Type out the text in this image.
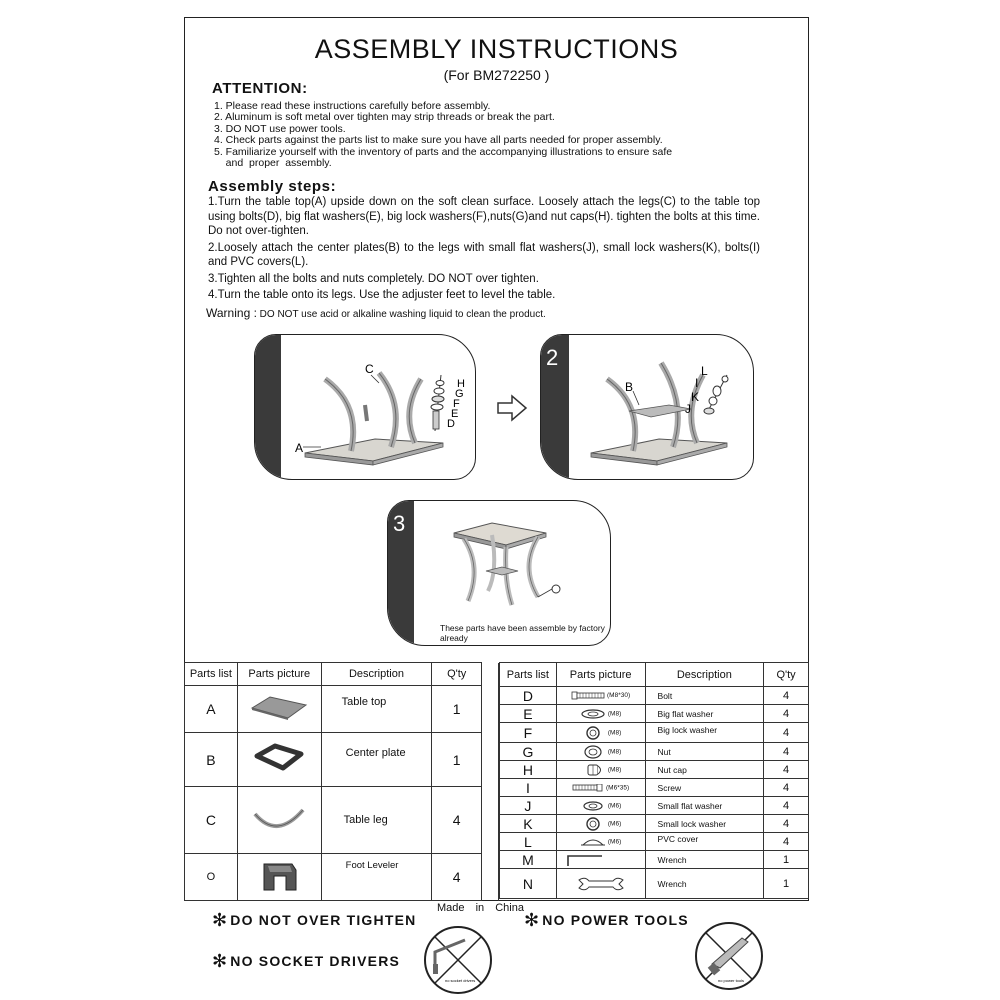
ASSEMBLY INSTRUCTIONS
(For BM272250 )
ATTENTION:
1. Please read these instructions carefully before assembly.
2. Aluminum is soft metal over tighten may strip threads or break the part.
3. DO NOT use power tools.
4. Check parts against the parts list to make sure you have all parts needed for proper assembly.
5. Familiarize yourself with the inventory of parts and the accompanying illustrations to ensure safe
and  proper  assembly.
Assembly steps:

1.Turn the table top(A) upside down on the soft clean surface. Loosely attach the legs(C) to the table top using bolts(D), big flat washers(E), big lock washers(F),nuts(G)and nut caps(H). tighten the bolts at this time. Do not over-tighten.

2.Loosely attach the center plates(B) to the legs with small flat washers(J), small lock washers(K), bolts(I) and PVC covers(L).

3.Tighten all the bolts and nuts completely. DO NOT over tighten.

4.Turn the table onto its legs. Use the adjuster feet to level the table.

Warning : DO NOT use acid or alkaline washing liquid to clean the product.
C
A
H
G
F
E
D
2
B
L
I
K
J
3
These parts have been assemble by factory already
Parts list	Parts picture	Description	Q'ty	
A		Table top	1	
B		Center plate	1	
C		Table leg	4	
O		Foot Leveler	4	
Parts list	Parts picture	Description	Q'ty
D	(M8*30)	Bolt	4
E	(M8)	Big flat washer	4
F	(M8)	Big lock washer	4
G	(M8)	Nut	4
H	(M8)	Nut cap	4
I	(M6*35)	Screw	4
J	(M6)	Small flat washer	4
K	(M6)	Small lock washer	4
L	(M6)	PVC cover	4
M		Wrench	1
N		Wrench	1
Made in China
✻ DO NOT OVER TIGHTEN	✻ NO POWER TOOLS
✻ NO SOCKET DRIVERS
no socket drivers	no power tools
